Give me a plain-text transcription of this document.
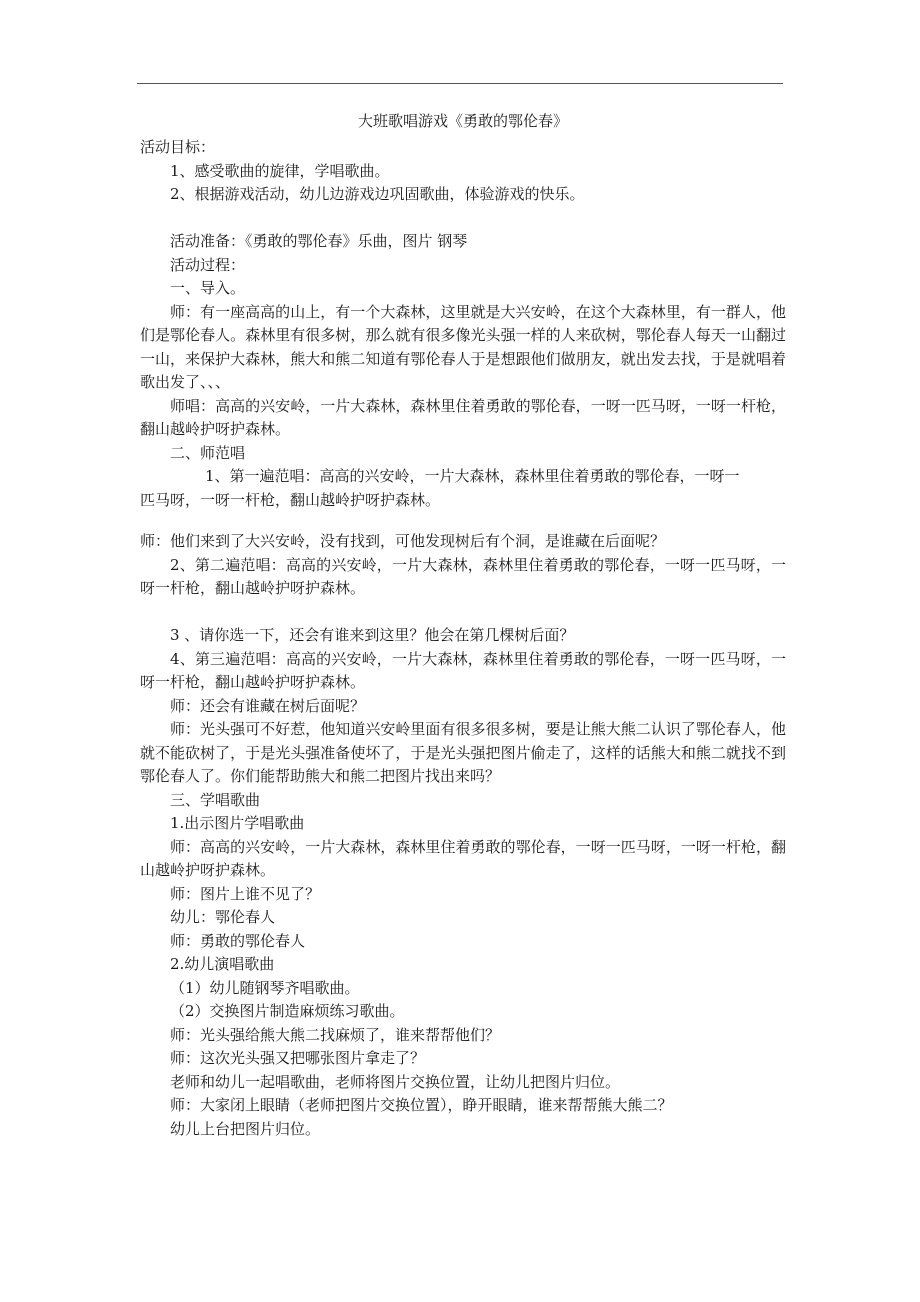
大班歌唱游戏《勇敢的鄂伦春》
活动目标：
1、感受歌曲的旋律，学唱歌曲。
2、根据游戏活动，幼儿边游戏边巩固歌曲，体验游戏的快乐。
活动准备：《勇敢的鄂伦春》乐曲，图片 钢琴
活动过程：
一、导入。

师：有一座高高的山上，有一个大森林，这里就是大兴安岭，在这个大森林里，有一群人，他们是鄂伦春人。森林里有很多树，那么就有很多像光头强一样的人来砍树，鄂伦春人每天一山翻过一山，来保护大森林，熊大和熊二知道有鄂伦春人于是想跟他们做朋友，就出发去找，于是就唱着歌出发了、、、

师唱：高高的兴安岭，一片大森林，森林里住着勇敢的鄂伦春，一呀一匹马呀，一呀一杆枪，翻山越岭护呀护森林。

二、师范唱
1、第一遍范唱：高高的兴安岭，一片大森林，森林里住着勇敢的鄂伦春，一呀一
匹马呀，一呀一杆枪，翻山越岭护呀护森林。
师：他们来到了大兴安岭，没有找到，可他发现树后有个洞，是谁藏在后面呢？

2、第二遍范唱：高高的兴安岭，一片大森林，森林里住着勇敢的鄂伦春，一呀一匹马呀，一呀一杆枪，翻山越岭护呀护森林。

3 、请你选一下，还会有谁来到这里？他会在第几棵树后面？

4、第三遍范唱：高高的兴安岭，一片大森林，森林里住着勇敢的鄂伦春，一呀一匹马呀，一呀一杆枪，翻山越岭护呀护森林。

师：还会有谁藏在树后面呢？

师：光头强可不好惹，他知道兴安岭里面有很多很多树，要是让熊大熊二认识了鄂伦春人，他就不能砍树了，于是光头强准备使坏了，于是光头强把图片偷走了，这样的话熊大和熊二就找不到鄂伦春人了。你们能帮助熊大和熊二把图片找出来吗？

三、学唱歌曲
1.出示图片学唱歌曲

师：高高的兴安岭，一片大森林，森林里住着勇敢的鄂伦春，一呀一匹马呀，一呀一杆枪，翻山越岭护呀护森林。

师：图片上谁不见了？
幼儿：鄂伦春人
师：勇敢的鄂伦春人
2.幼儿演唱歌曲
（1）幼儿随钢琴齐唱歌曲。
（2）交换图片制造麻烦练习歌曲。
师：光头强给熊大熊二找麻烦了，谁来帮帮他们？
师：这次光头强又把哪张图片拿走了？
老师和幼儿一起唱歌曲，老师将图片交换位置，让幼儿把图片归位。
师：大家闭上眼睛（老师把图片交换位置），睁开眼睛，谁来帮帮熊大熊二？
幼儿上台把图片归位。
